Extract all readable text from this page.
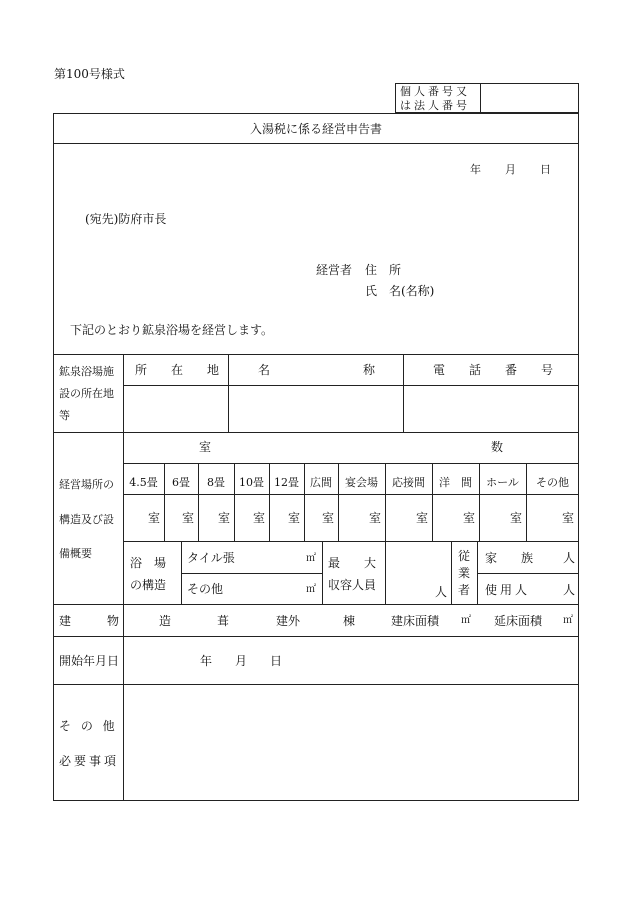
第100号様式
個人番号又
は法人番号
入湯税に係る経営申告書
年 月 日
(宛先)防府市長
経営者 住　所
氏　名(名称)
下記のとおり鉱泉浴場を経営します。
鉱泉浴場施
設の所在地
等
所　　在　　地	名	称	電　　話　　番　　号
経営場所の
構造及び設
備概要
室	数
4.5畳	6畳	8畳	10畳 12畳	広間	宴会場	応接間	洋　間	ホール	その他
室 室 室 室 室 室	室	室	室	室	室
浴　場
の構造
タイル張	㎡
その他	㎡
最　　大
収容人員	人
従
業
者
家　　族 人
使用人	人
建　　　物	造	葺	建外	棟	建床面積 ㎡ 延床面積 ㎡
開始年月日	年 月 日
そ の 他
必要事項
